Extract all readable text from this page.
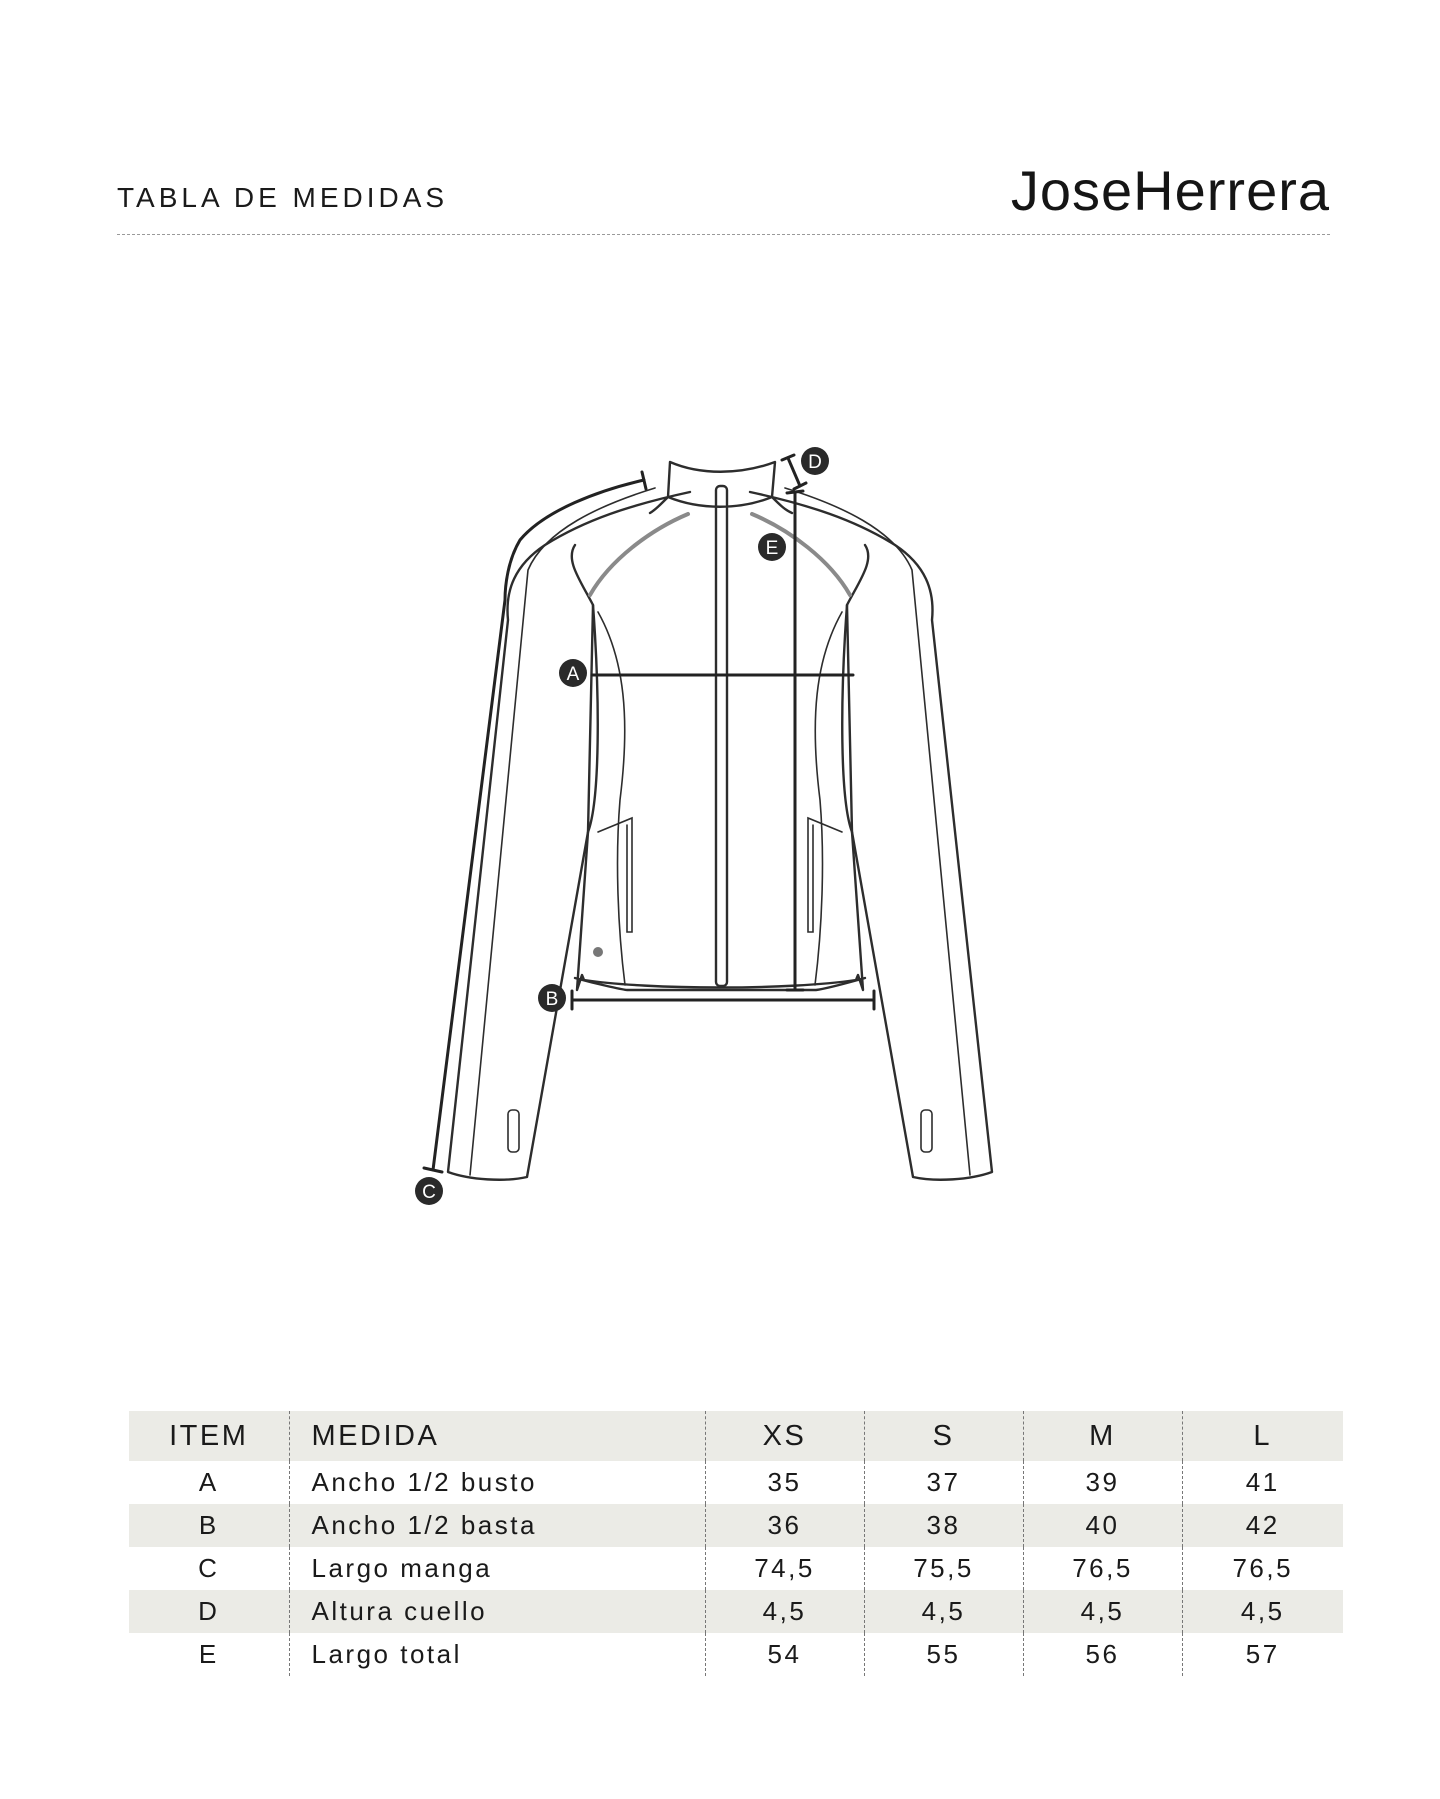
TABLA DE MEDIDAS	JoseHerrera
A
B
C
D
E
ITEM	MEDIDA	XS	S	M	L
A	Ancho 1/2 busto	35	37	39	41
B	Ancho 1/2 basta	36	38	40	42
C	Largo manga	74,5	75,5	76,5	76,5
D	Altura cuello	4,5	4,5	4,5	4,5
E	Largo total	54	55	56	57
